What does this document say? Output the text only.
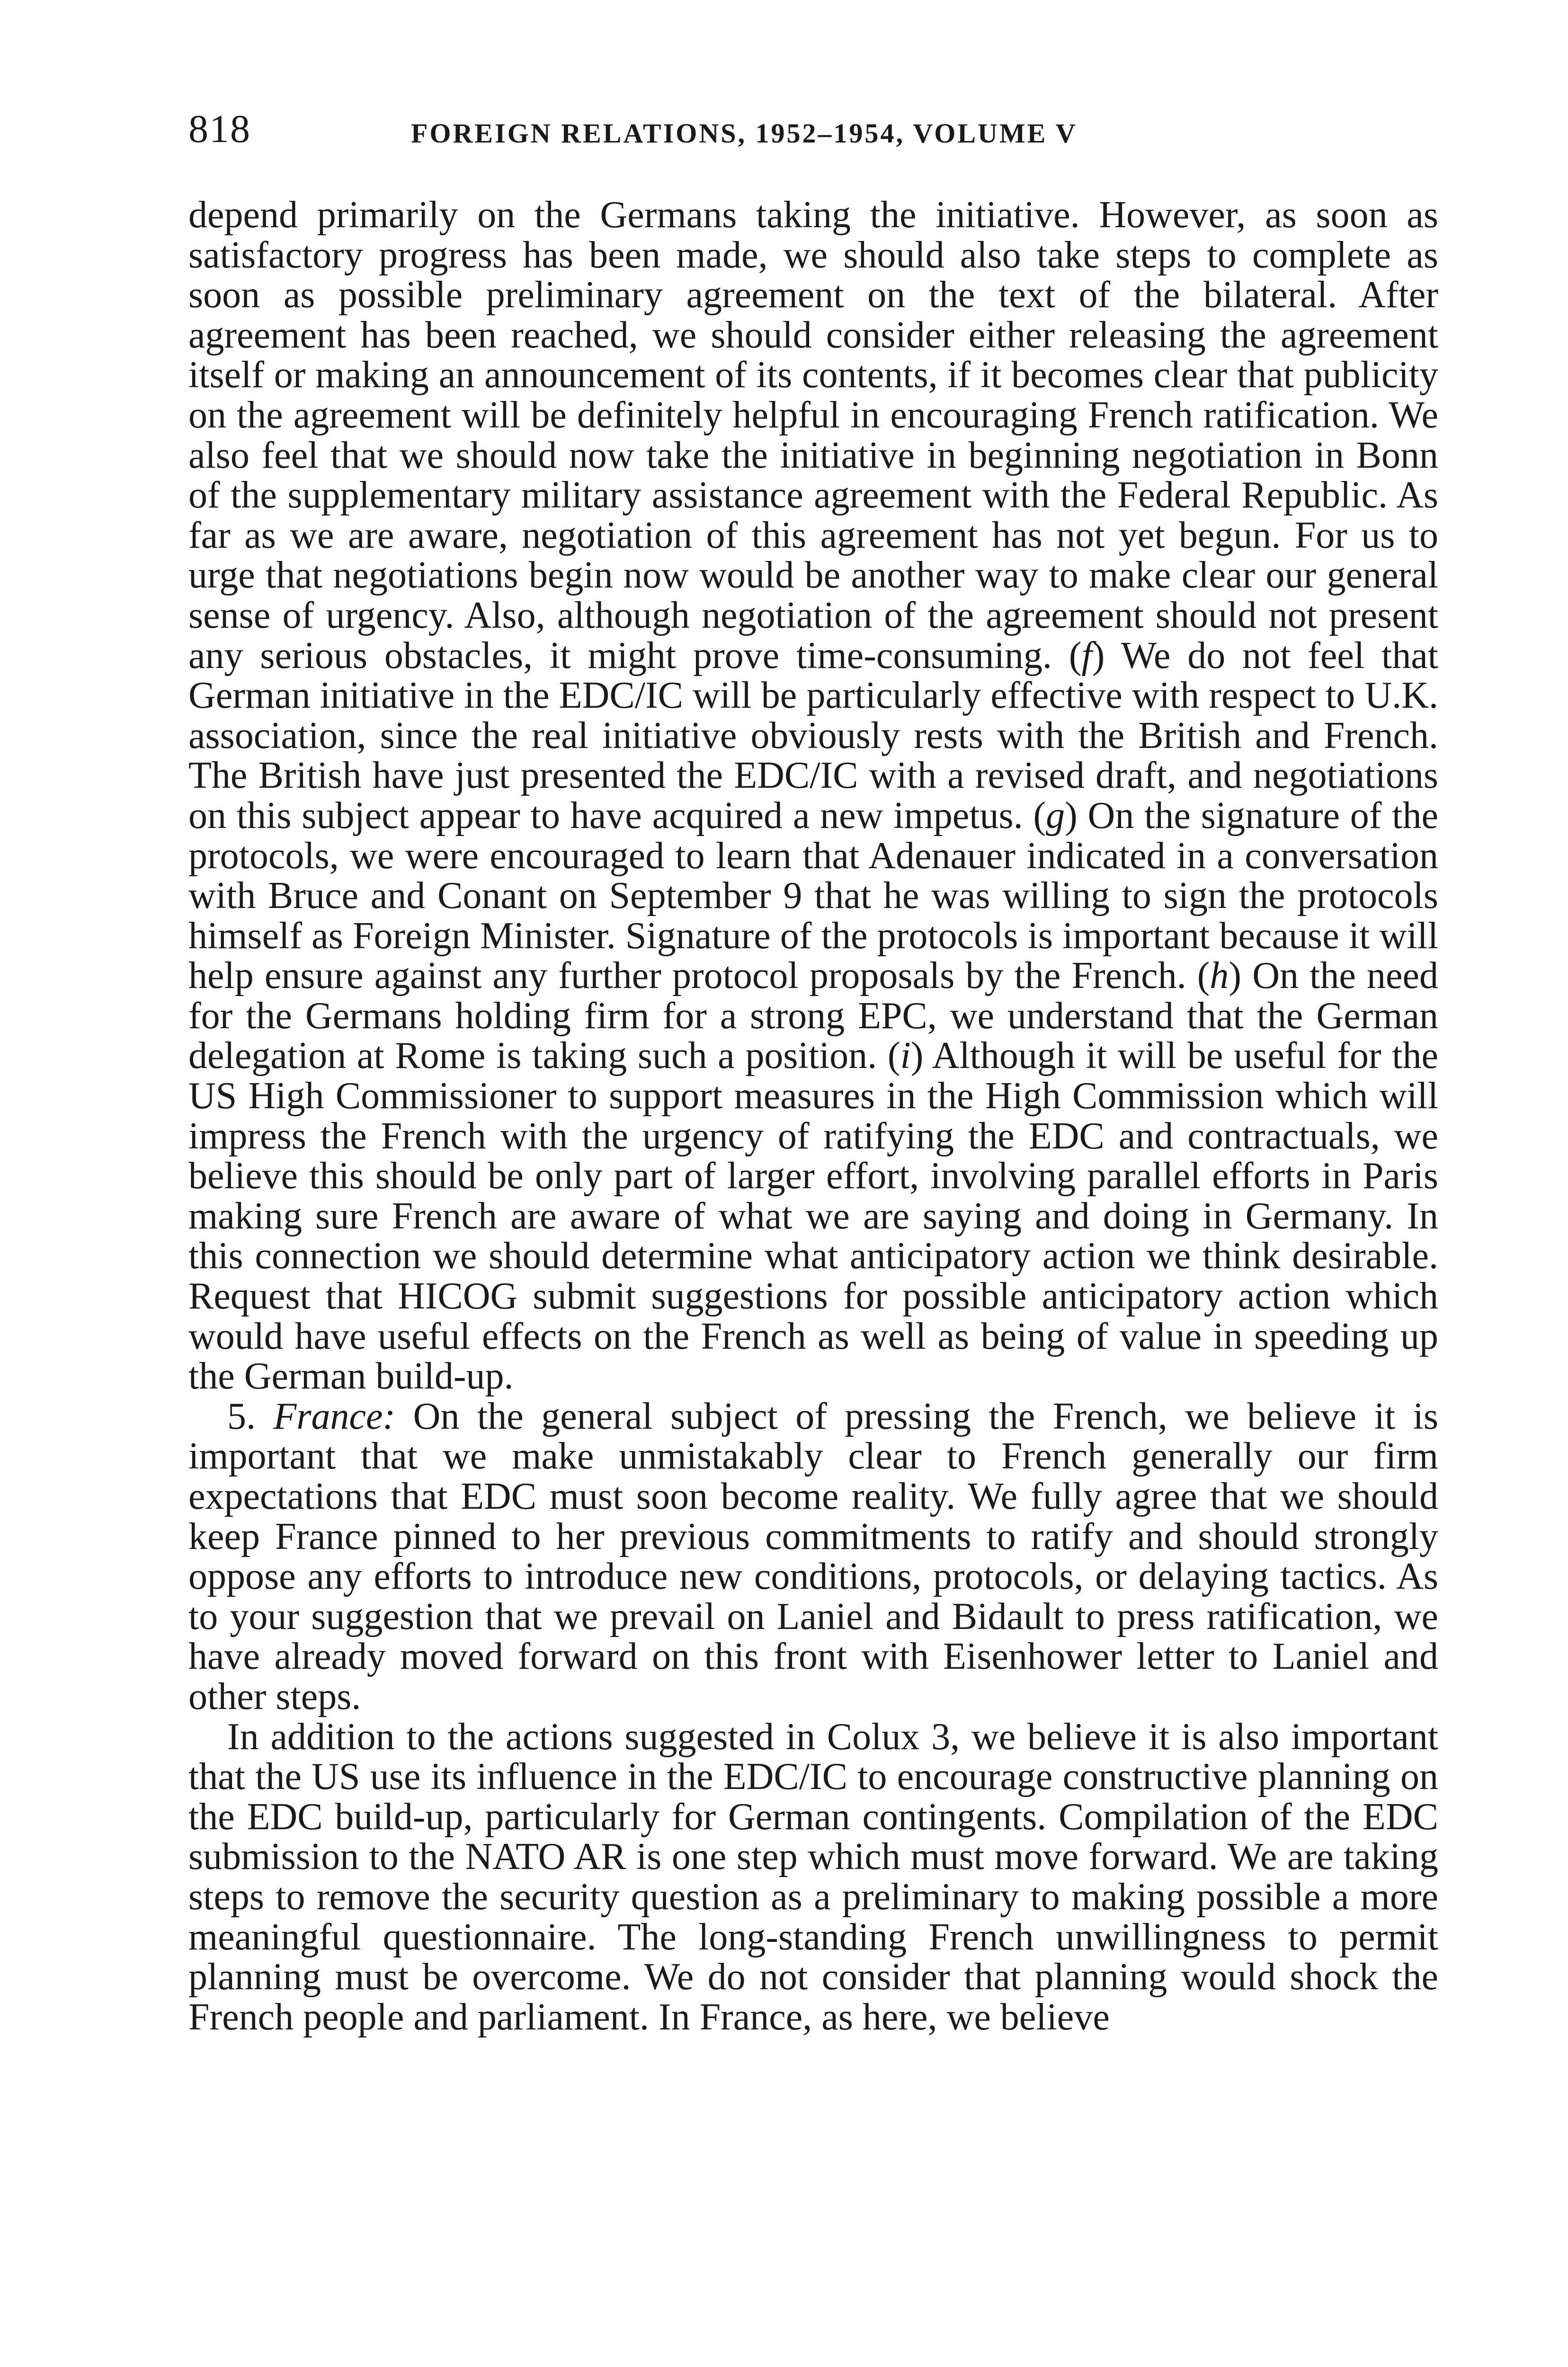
818	FOREIGN RELATIONS, 1952–1954, VOLUME V

depend primarily on the Germans taking the initiative. However, as soon as satisfactory progress has been made, we should also take steps to complete as soon as possible preliminary agreement on the text of the bilateral. After agreement has been reached, we should consider either releasing the agreement itself or making an announcement of its contents, if it becomes clear that publicity on the agreement will be definitely helpful in encouraging French ratification. We also feel that we should now take the initiative in beginning negotiation in Bonn of the supplementary military assistance agreement with the Federal Republic. As far as we are aware, negotiation of this agreement has not yet begun. For us to urge that negotiations begin now would be another way to make clear our general sense of urgency. Also, although negotiation of the agreement should not present any serious obstacles, it might prove time-consuming. (f) We do not feel that German initiative in the EDC/IC will be particularly effective with respect to U.K. association, since the real initiative obviously rests with the British and French. The British have just presented the EDC/IC with a revised draft, and negotiations on this subject appear to have acquired a new impetus. (g) On the signature of the protocols, we were encouraged to learn that Adenauer indicated in a conversation with Bruce and Conant on September 9 that he was willing to sign the protocols himself as Foreign Minister. Signature of the protocols is important because it will help ensure against any further protocol proposals by the French. (h) On the need for the Germans holding firm for a strong EPC, we understand that the German delegation at Rome is taking such a position. (i) Although it will be useful for the US High Commissioner to support measures in the High Commission which will impress the French with the urgency of ratifying the EDC and contractuals, we believe this should be only part of larger effort, involving parallel efforts in Paris making sure French are aware of what we are saying and doing in Germany. In this connection we should determine what anticipatory action we think desirable. Request that HICOG submit suggestions for possible anticipatory action which would have useful effects on the French as well as being of value in speeding up the German build-up.

5. France: On the general subject of pressing the French, we believe it is important that we make unmistakably clear to French generally our firm expectations that EDC must soon become reality. We fully agree that we should keep France pinned to her previous commitments to ratify and should strongly oppose any efforts to introduce new conditions, protocols, or delaying tactics. As to your suggestion that we prevail on Laniel and Bidault to press ratification, we have already moved forward on this front with Eisenhower letter to Laniel and other steps.

In addition to the actions suggested in Colux 3, we believe it is also important that the US use its influence in the EDC/IC to encourage constructive planning on the EDC build-up, particularly for German contingents. Compilation of the EDC submission to the NATO AR is one step which must move forward. We are taking steps to remove the security question as a preliminary to making possible a more meaningful questionnaire. The long-standing French unwillingness to permit planning must be overcome. We do not consider that planning would shock the French people and parliament. In France, as here, we believe
